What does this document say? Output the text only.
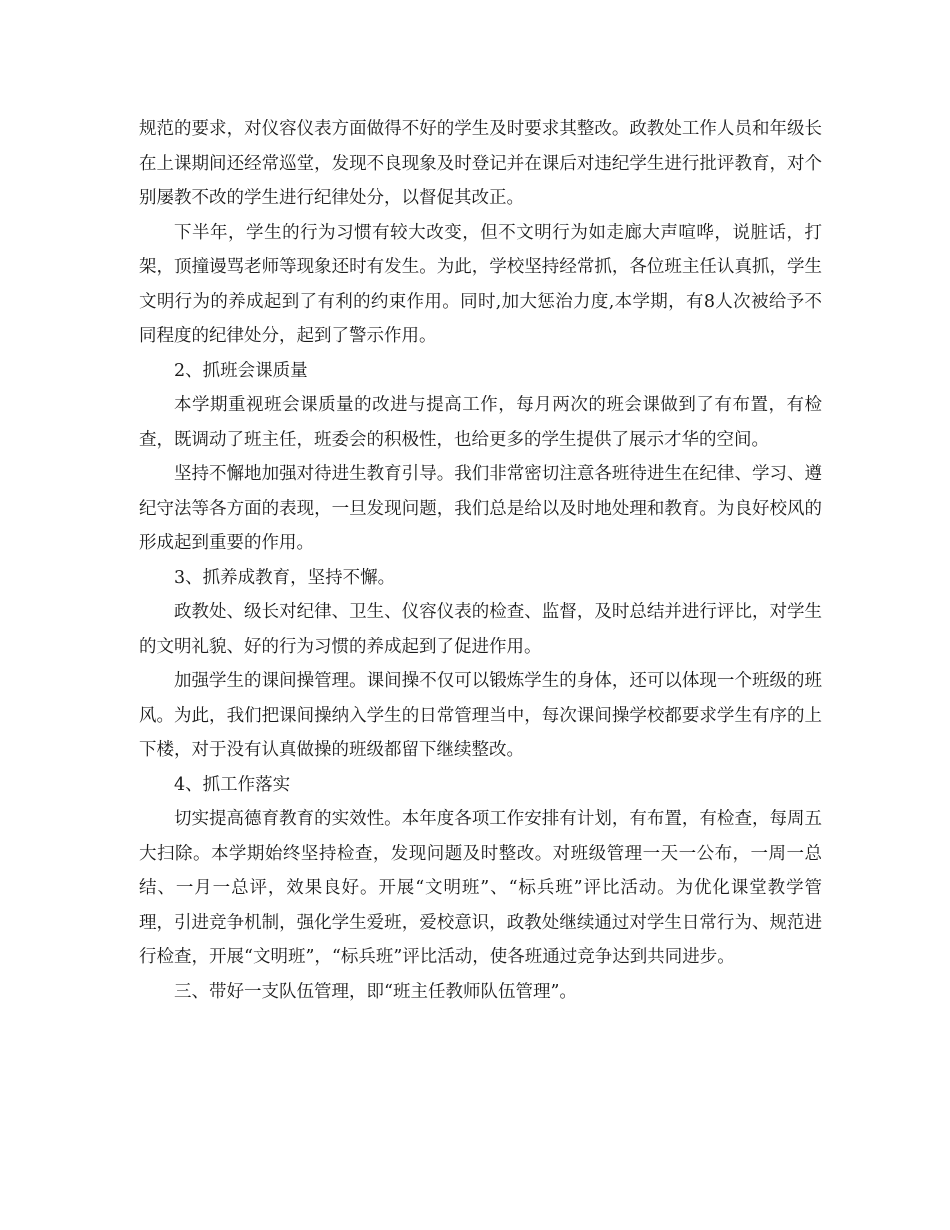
规范的要求，对仪容仪表方面做得不好的学生及时要求其整改。政教处工作人员和年级长在上课期间还经常巡堂，发现不良现象及时登记并在课后对违纪学生进行批评教育，对个别屡教不改的学生进行纪律处分，以督促其改正。

下半年，学生的行为习惯有较大改变，但不文明行为如走廊大声喧哗，说脏话，打架，顶撞谩骂老师等现象还时有发生。为此，学校坚持经常抓，各位班主任认真抓，学生文明行为的养成起到了有利的约束作用。同时,加大惩治力度,本学期，有8人次被给予不同程度的纪律处分，起到了警示作用。

2、抓班会课质量

本学期重视班会课质量的改进与提高工作，每月两次的班会课做到了有布置，有检查，既调动了班主任，班委会的积极性，也给更多的学生提供了展示才华的空间。

坚持不懈地加强对待进生教育引导。我们非常密切注意各班待进生在纪律、学习、遵纪守法等各方面的表现，一旦发现问题，我们总是给以及时地处理和教育。为良好校风的形成起到重要的作用。

3、抓养成教育，坚持不懈。

政教处、级长对纪律、卫生、仪容仪表的检查、监督，及时总结并进行评比，对学生的文明礼貌、好的行为习惯的养成起到了促进作用。

加强学生的课间操管理。课间操不仅可以锻炼学生的身体，还可以体现一个班级的班风。为此，我们把课间操纳入学生的日常管理当中，每次课间操学校都要求学生有序的上下楼，对于没有认真做操的班级都留下继续整改。

4、抓工作落实

切实提高德育教育的实效性。本年度各项工作安排有计划，有布置，有检查，每周五大扫除。本学期始终坚持检查，发现问题及时整改。对班级管理一天一公布，一周一总结、一月一总评，效果良好。开展“文明班”、“标兵班”评比活动。为优化课堂教学管理，引进竞争机制，强化学生爱班，爱校意识，政教处继续通过对学生日常行为、规范进行检查，开展“文明班”，“标兵班”评比活动，使各班通过竞争达到共同进步。

三、带好一支队伍管理，即“班主任教师队伍管理”。
